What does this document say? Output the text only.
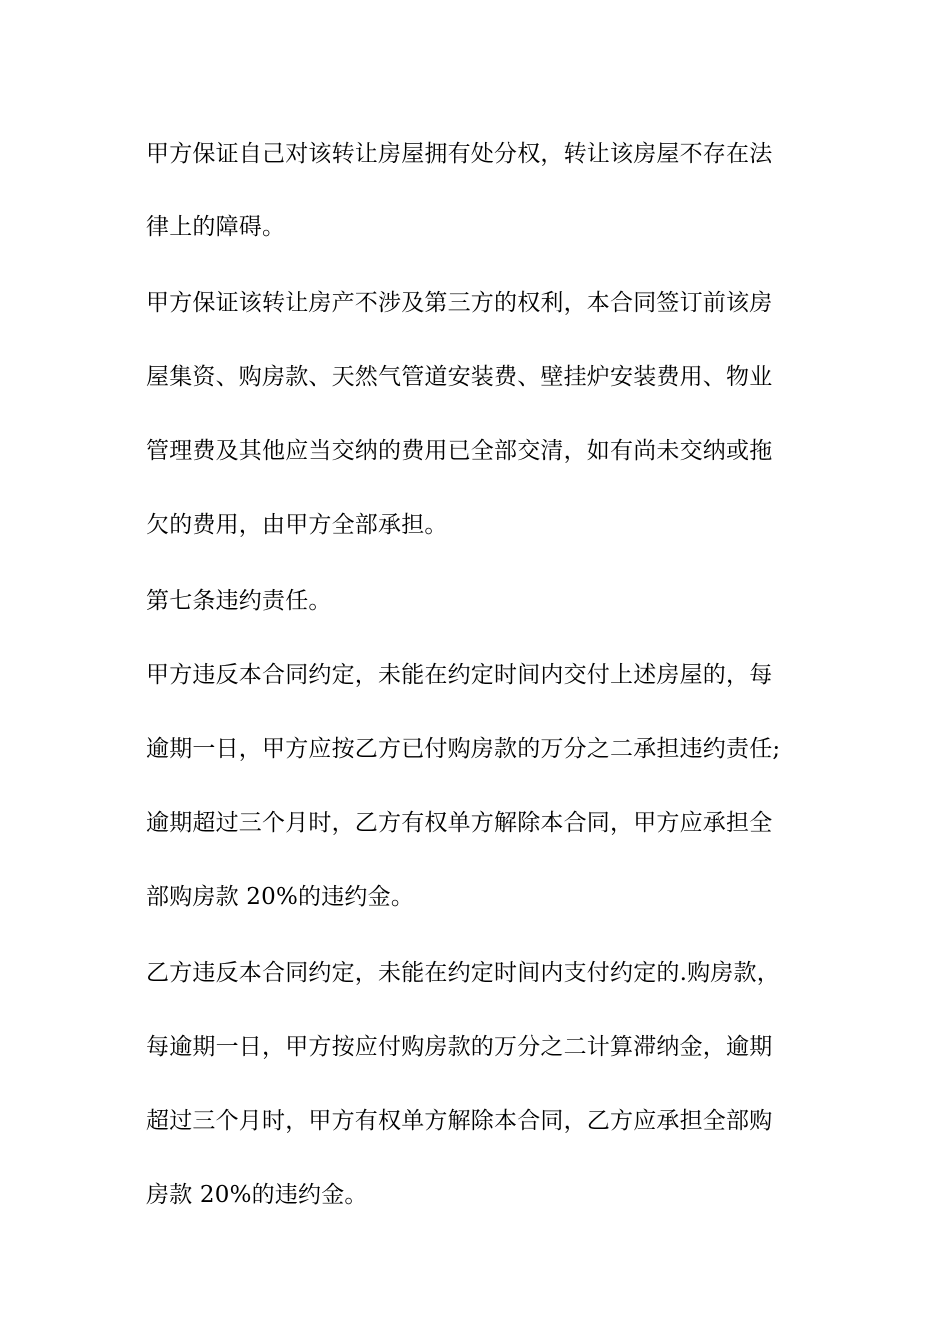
甲方保证自己对该转让房屋拥有处分权，转让该房屋不存在法
律上的障碍。
甲方保证该转让房产不涉及第三方的权利，本合同签订前该房
屋集资、购房款、天然气管道安装费、壁挂炉安装费用、物业
管理费及其他应当交纳的费用已全部交清，如有尚未交纳或拖
欠的费用，由甲方全部承担。
第七条违约责任。
甲方违反本合同约定，未能在约定时间内交付上述房屋的，每
逾期一日，甲方应按乙方已付购房款的万分之二承担违约责任;
逾期超过三个月时，乙方有权单方解除本合同，甲方应承担全
部购房款 20%的违约金。
乙方违反本合同约定，未能在约定时间内支付约定的.购房款，
每逾期一日，甲方按应付购房款的万分之二计算滞纳金，逾期
超过三个月时，甲方有权单方解除本合同，乙方应承担全部购
房款 20%的违约金。
